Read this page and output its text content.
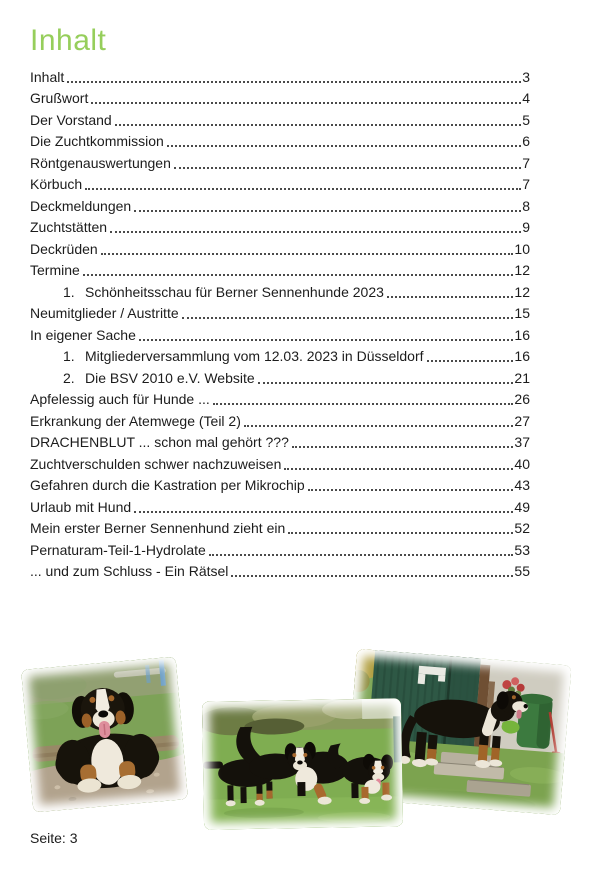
Inhalt
Inhalt	3
Grußwort	4
Der Vorstand	5
Die Zuchtkommission	6
Röntgenauswertungen	7
Körbuch	7
Deckmeldungen	8
Zuchtstätten	9
Deckrüden	10
Termine	12
1. Schönheitsschau für Berner Sennenhunde 2023	12
Neumitglieder / Austritte	15
In eigener Sache	16
1. Mitgliederversammlung vom 12.03. 2023 in Düsseldorf	16
2. Die BSV 2010 e.V. Website	21
Apfelessig auch für Hunde ...	26
Erkrankung der Atemwege (Teil 2)	27
DRACHENBLUT ... schon mal gehört ???	37
Zuchtverschulden schwer nachzuweisen	40
Gefahren durch die Kastration per Mikrochip	43
Urlaub mit Hund	49
Mein erster Berner Sennenhund zieht ein	52
Pernaturam-Teil-1-Hydrolate	53
... und zum Schluss - Ein Rätsel	55
Seite: 3
